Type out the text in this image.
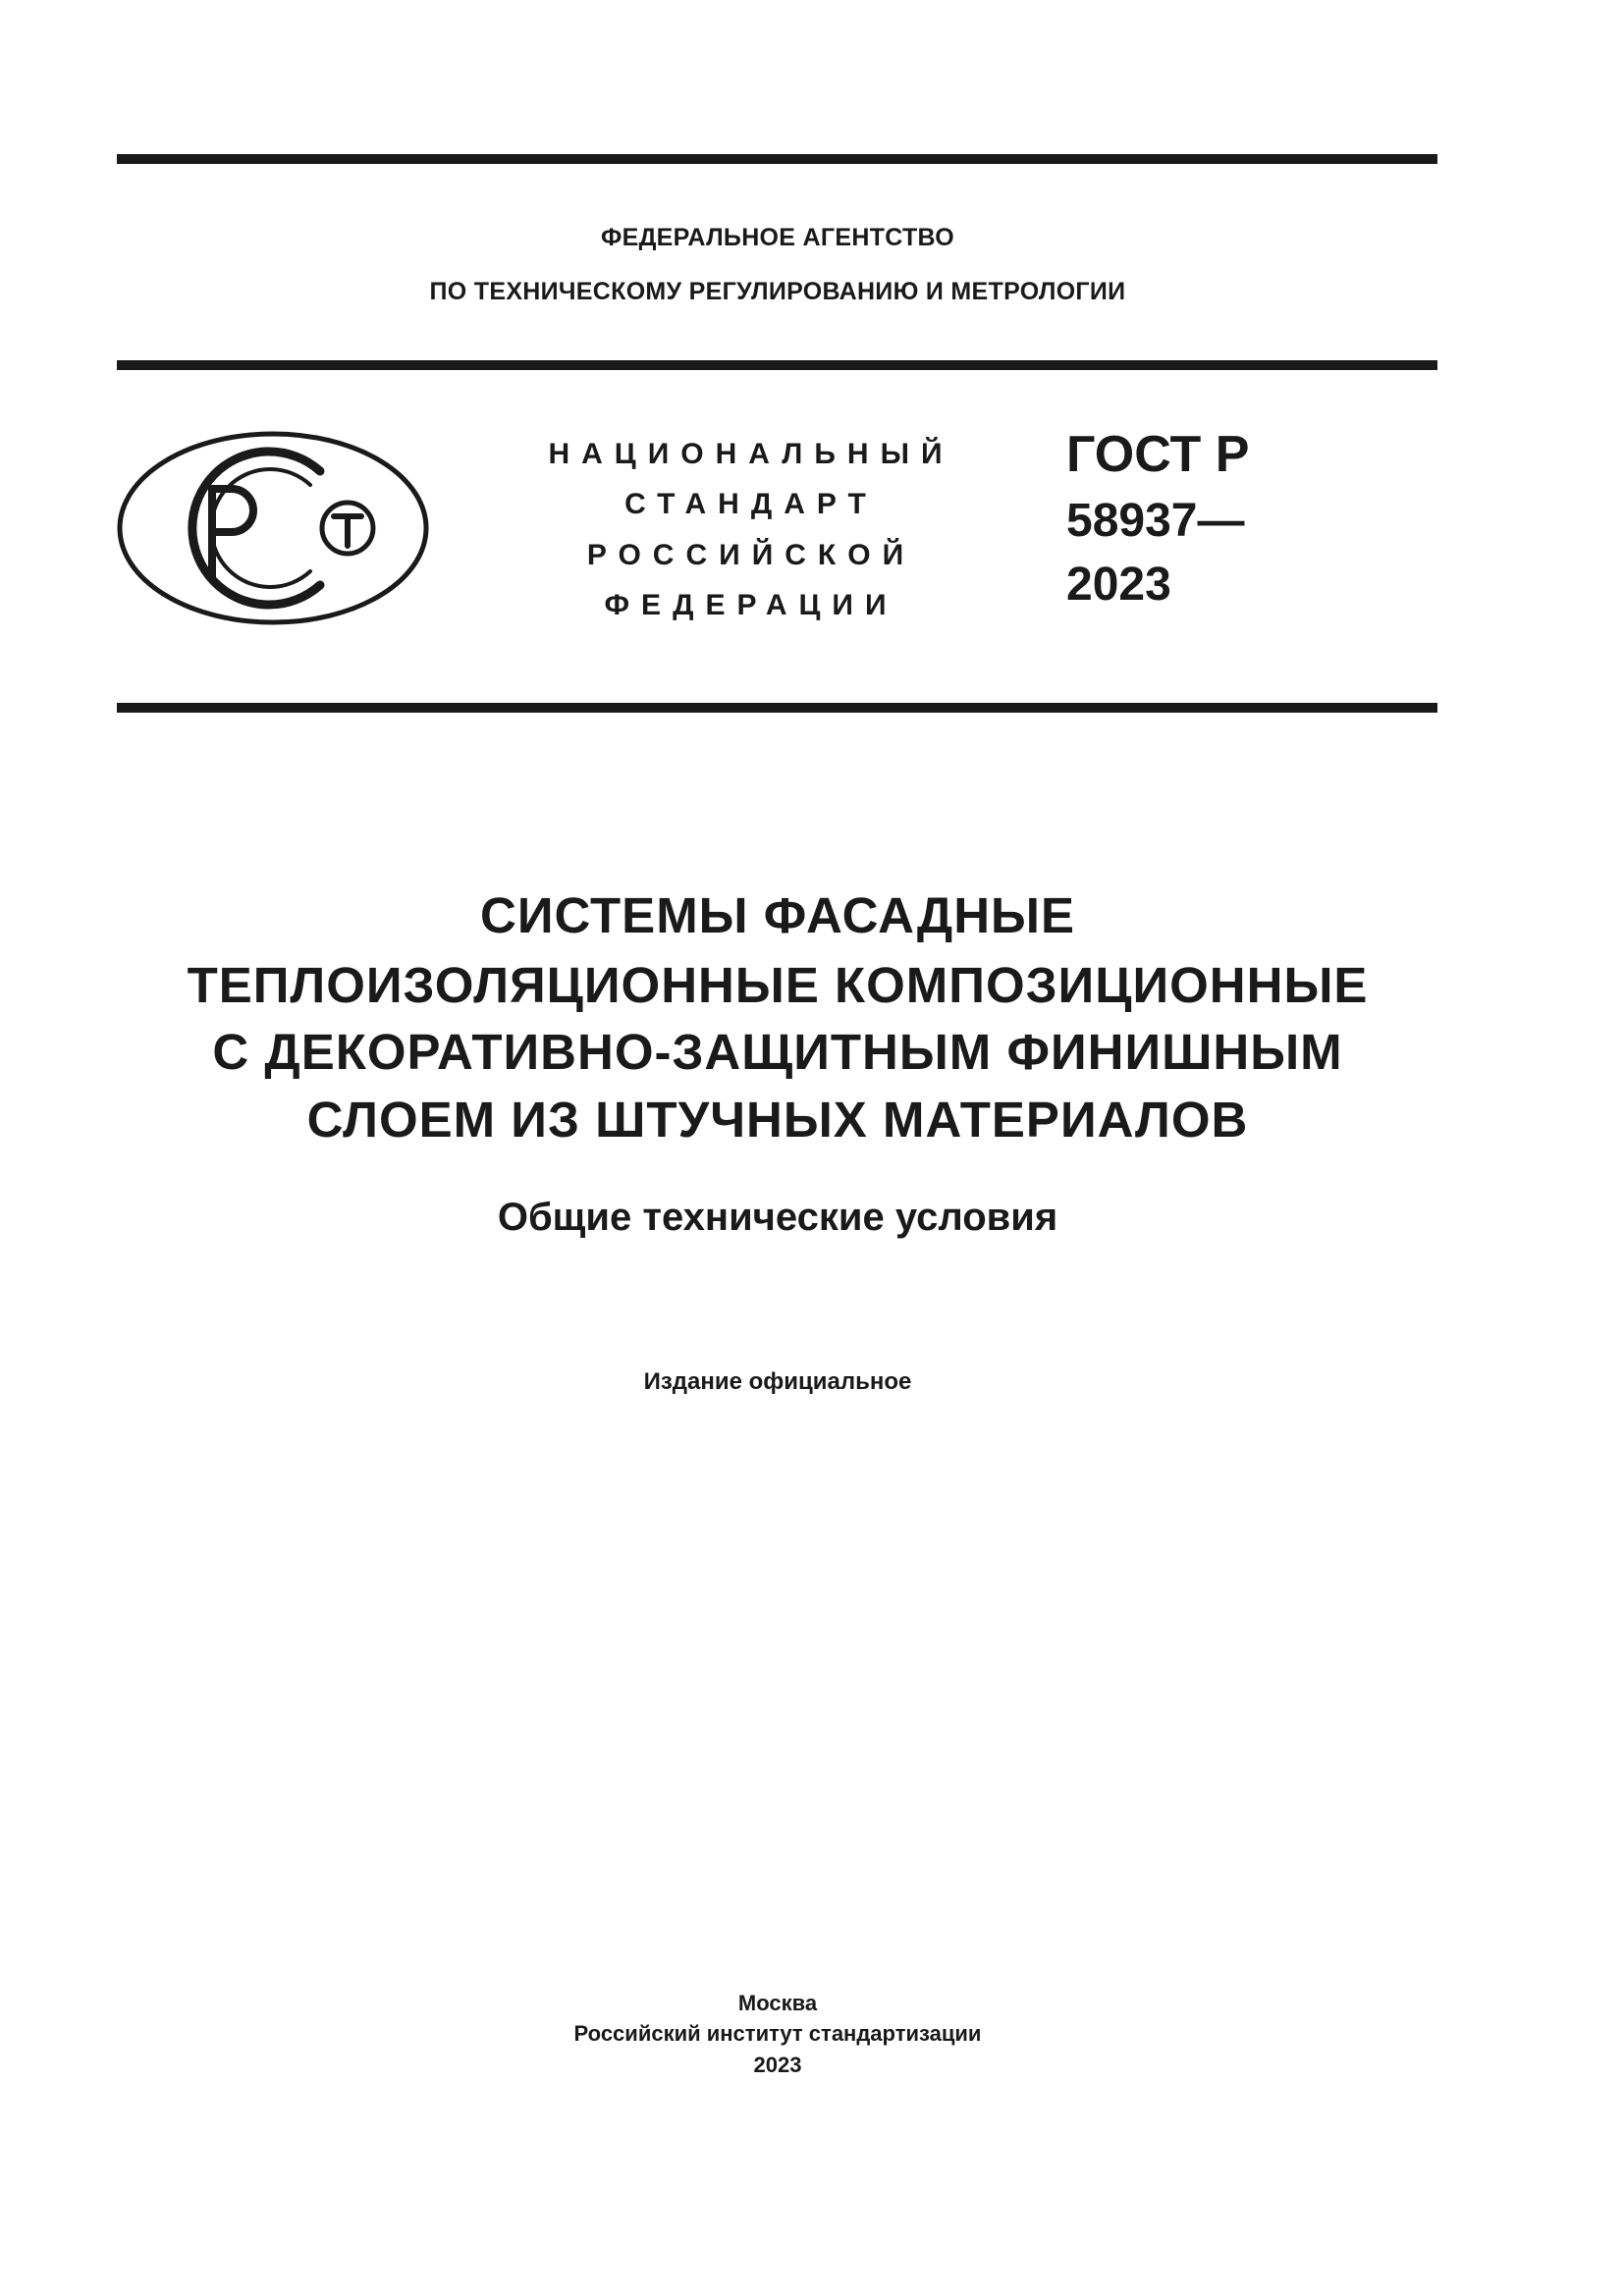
ФЕДЕРАЛЬНОЕ АГЕНТСТВО
ПО ТЕХНИЧЕСКОМУ РЕГУЛИРОВАНИЮ И МЕТРОЛОГИИ
НАЦИОНАЛЬНЫЙ
СТАНДАРТ
РОССИЙСКОЙ
ФЕДЕРАЦИИ
ГОСТ Р
58937—
2023
СИСТЕМЫ ФАСАДНЫЕ
ТЕПЛОИЗОЛЯЦИОННЫЕ КОМПОЗИЦИОННЫЕ
С ДЕКОРАТИВНО-ЗАЩИТНЫМ ФИНИШНЫМ
СЛОЕМ ИЗ ШТУЧНЫХ МАТЕРИАЛОВ
Общие технические условия
Издание официальное
Москва
Российский институт стандартизации
2023
